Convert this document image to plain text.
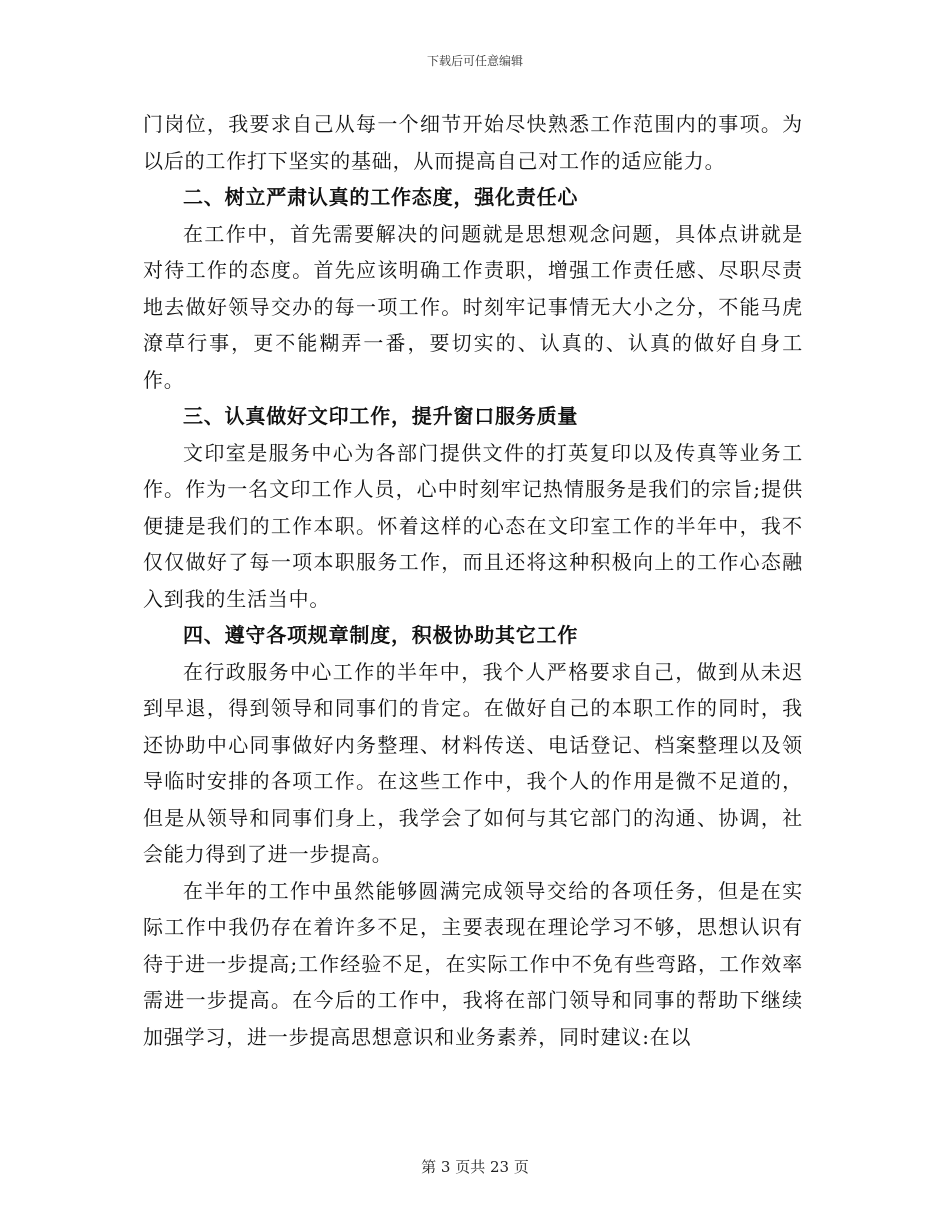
下载后可任意编辑

门岗位，我要求自己从每一个细节开始尽快熟悉工作范围内的事项。为以后的工作打下坚实的基础，从而提高自己对工作的适应能力。

二、树立严肃认真的工作态度，强化责任心

在工作中，首先需要解决的问题就是思想观念问题，具体点讲就是对待工作的态度。首先应该明确工作责职，增强工作责任感、尽职尽责地去做好领导交办的每一项工作。时刻牢记事情无大小之分，不能马虎潦草行事，更不能糊弄一番，要切实的、认真的、认真的做好自身工作。

三、认真做好文印工作，提升窗口服务质量

文印室是服务中心为各部门提供文件的打英复印以及传真等业务工作。作为一名文印工作人员，心中时刻牢记热情服务是我们的宗旨;提供便捷是我们的工作本职。怀着这样的心态在文印室工作的半年中，我不仅仅做好了每一项本职服务工作，而且还将这种积极向上的工作心态融入到我的生活当中。

四、遵守各项规章制度，积极协助其它工作

在行政服务中心工作的半年中，我个人严格要求自己，做到从未迟到早退，得到领导和同事们的肯定。在做好自己的本职工作的同时，我还协助中心同事做好内务整理、材料传送、电话登记、档案整理以及领导临时安排的各项工作。在这些工作中，我个人的作用是微不足道的，但是从领导和同事们身上，我学会了如何与其它部门的沟通、协调，社会能力得到了进一步提高。

在半年的工作中虽然能够圆满完成领导交给的各项任务，但是在实际工作中我仍存在着许多不足，主要表现在理论学习不够，思想认识有待于进一步提高;工作经验不足，在实际工作中不免有些弯路，工作效率需进一步提高。在今后的工作中，我将在部门领导和同事的帮助下继续加强学习，进一步提高思想意识和业务素养，同时建议:在以

第 3 页共 23 页
